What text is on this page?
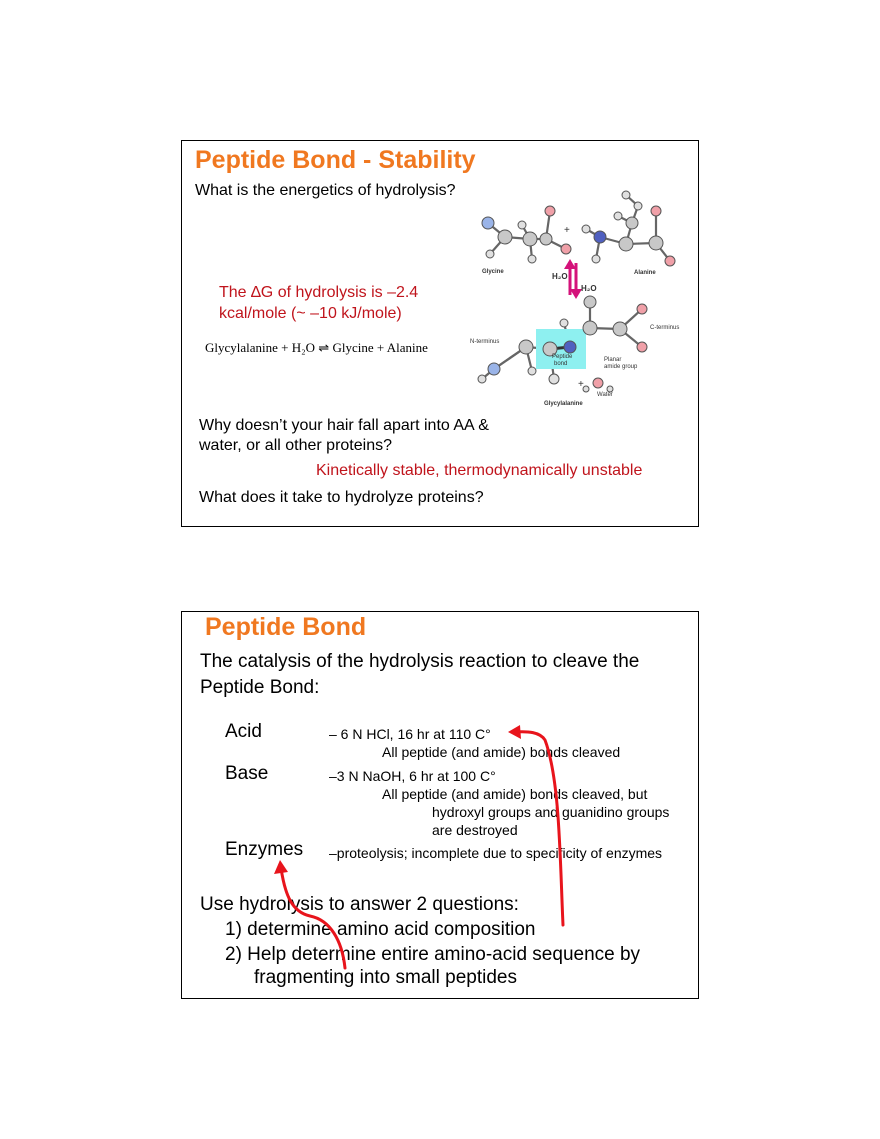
Peptide Bond - Stability
What is the energetics of hydrolysis?
The ∆G of hydrolysis is –2.4
kcal/mole (~ –10 kJ/mole)
Glycylalanine + H₂O ⇌ Glycine + Alanine
Glycine	Alanine
H₂O
H₂O
N-terminus
C-terminus
Peptide
bond
Planar
amide group
Water
Glycylalanine
+
+
Why doesn’t your hair fall apart into AA &
water, or all other proteins?
Kinetically stable, thermodynamically unstable
What does it take to hydrolyze proteins?
Peptide Bond
The catalysis of the hydrolysis reaction to cleave the
Peptide Bond:
Acid	– 6 N HCl, 16 hr at 110 C°
All peptide (and amide) bonds cleaved
Base	–3 N NaOH, 6 hr at 100 C°
All peptide (and amide) bonds cleaved, but
hydroxyl groups and guanidino groups
are destroyed
Enzymes –proteolysis; incomplete due to specificity of enzymes
Use hydrolysis to answer 2 questions:
1) determine amino acid composition
2) Help determine entire amino-acid sequence by
fragmenting into small peptides
